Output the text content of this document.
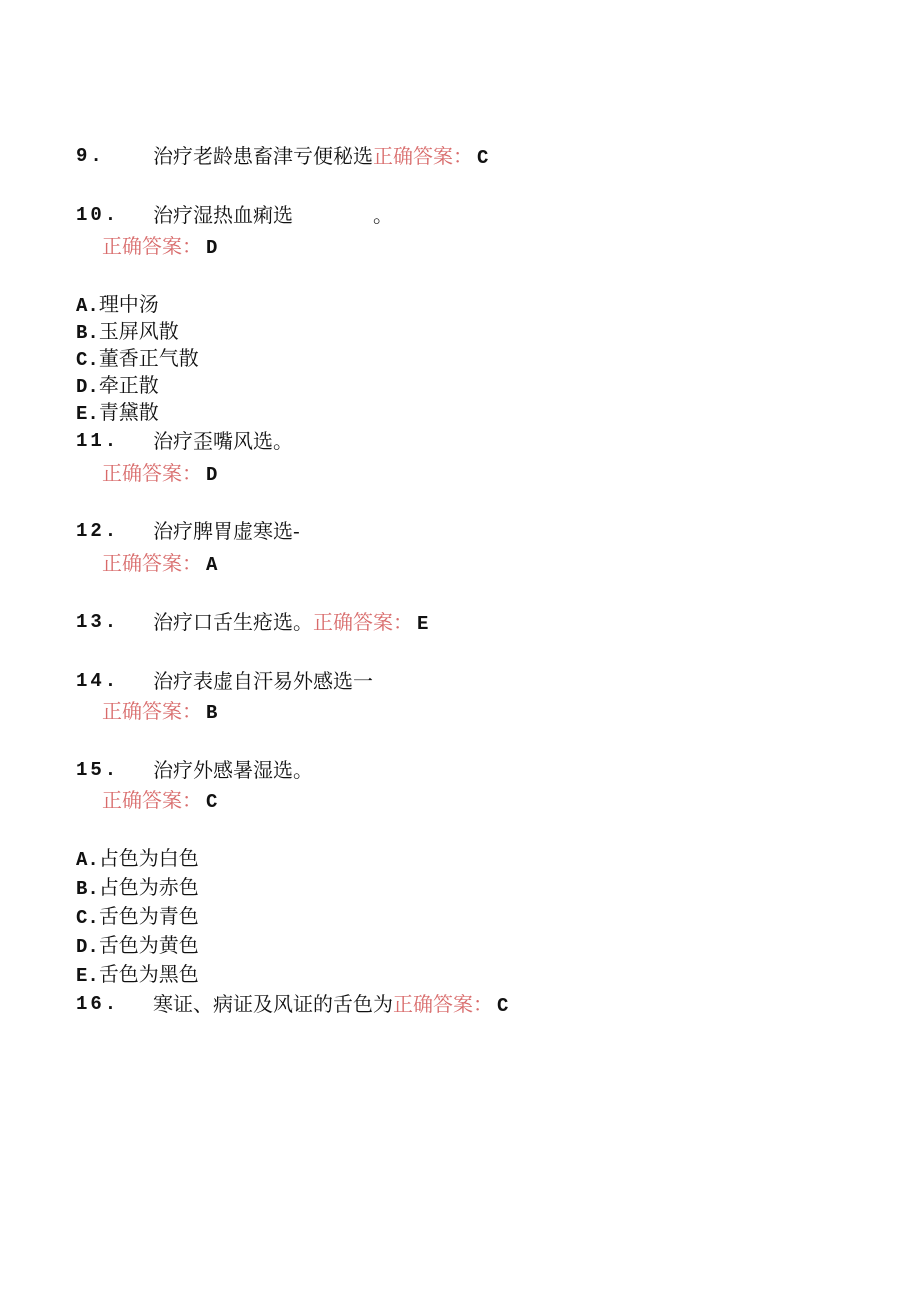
9. 治疗老龄患畜津亏便秘选正确答案： C
10. 治疗湿热血痢选　　　　。
正确答案： D
A.理中汤
B.玉屏风散
C.董香正气散
D.牵正散
E.青黛散
11. 治疗歪嘴风选。
正确答案： D
12. 治疗脾胃虚寒选-
正确答案： A
13. 治疗口舌生疮选。正确答案： E
14. 治疗表虚自汗易外感选一
正确答案： B
15. 治疗外感暑湿选。
正确答案： C
A.占色为白色
B.占色为赤色
C.舌色为青色
D.舌色为黄色
E.舌色为黑色
16. 寒证、病证及风证的舌色为正确答案： C
